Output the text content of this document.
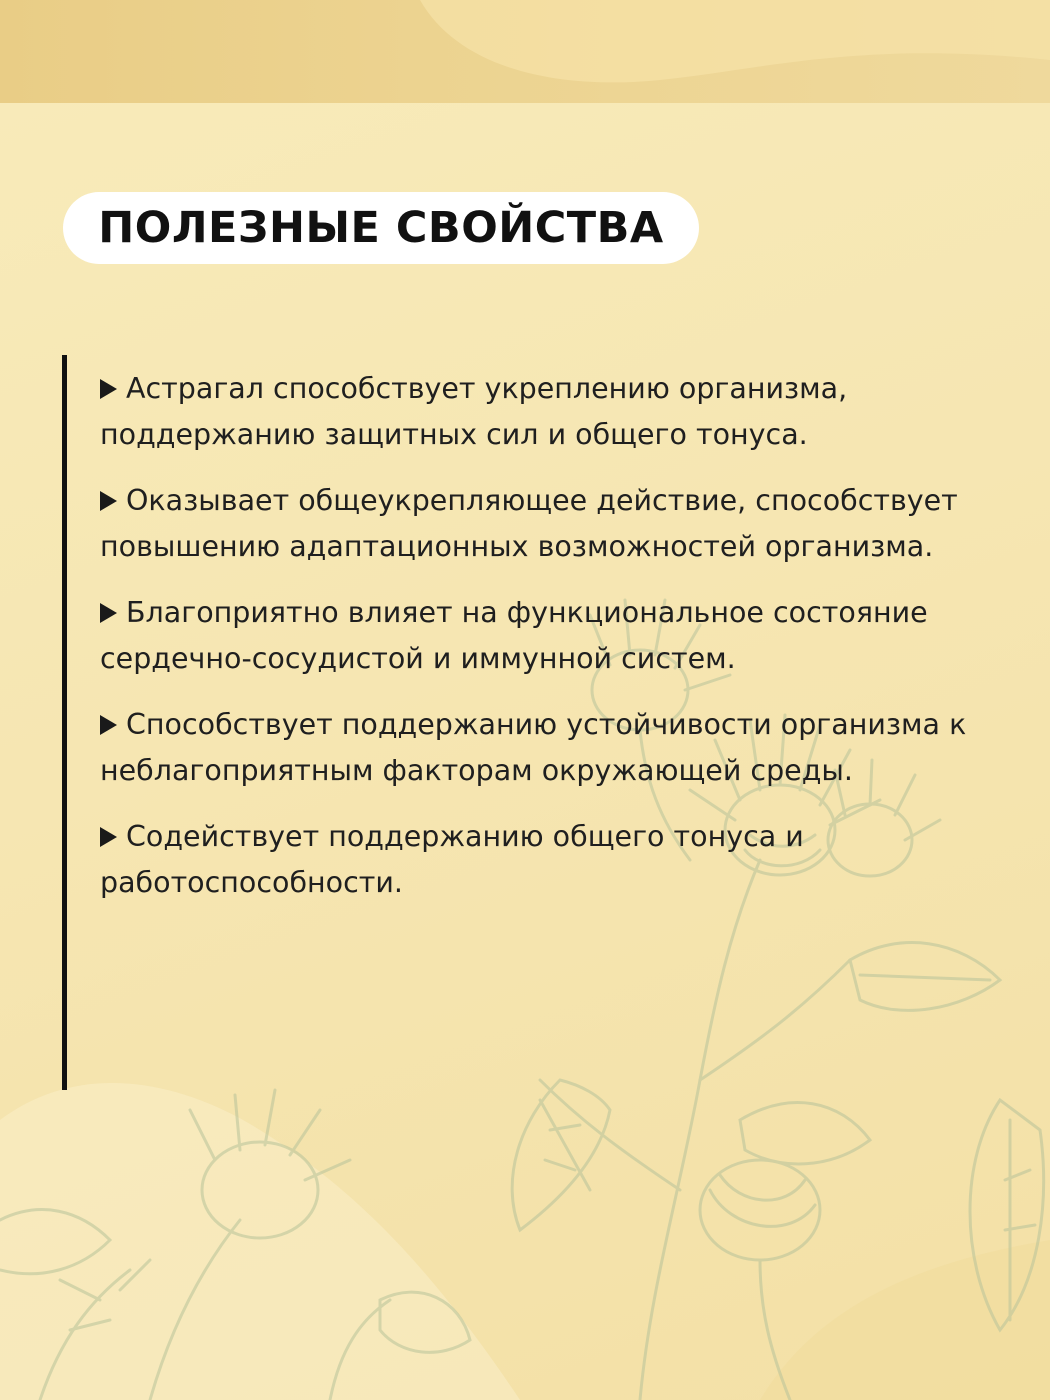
ПОЛЕЗНЫЕ СВОЙСТВА
Астрагал способствует укреплению организма, поддержанию защитных сил и общего тонуса.
Оказывает общеукрепляющее действие, способствует повышению адаптационных возможностей организма.
Благоприятно влияет на функциональное состояние сердечно-сосудистой и иммунной систем.
Способствует поддержанию устойчивости организма к неблагоприятным факторам окружающей среды.
Содействует поддержанию общего тонуса и работоспособности.
